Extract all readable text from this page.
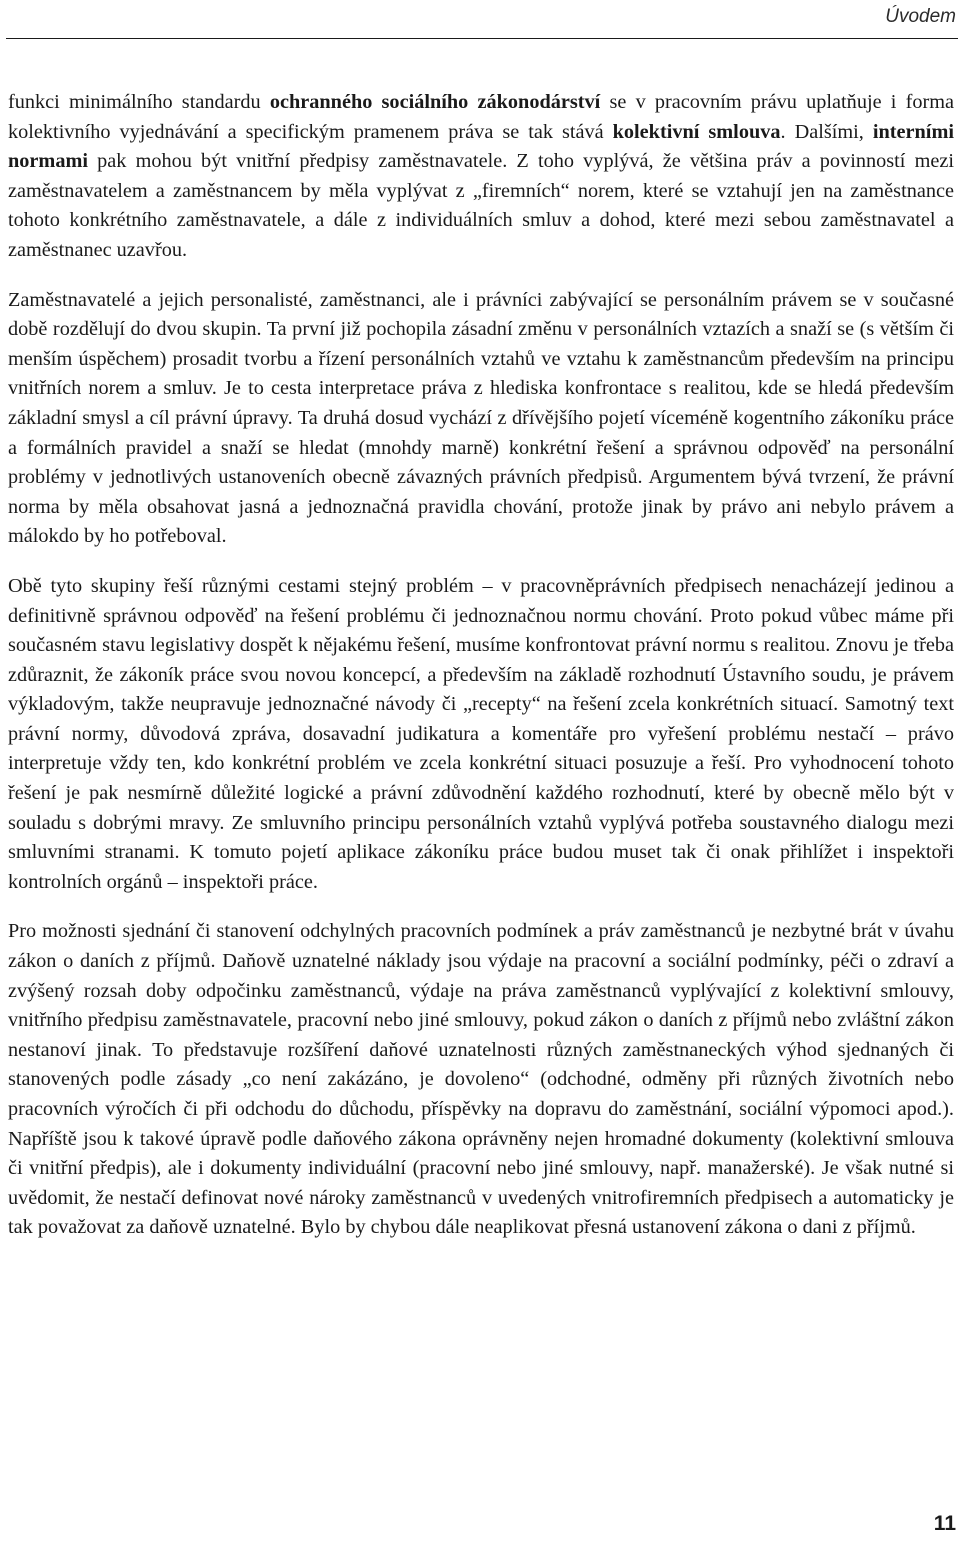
Úvodem

funkci minimálního standardu ochranného sociálního zákonodárství se v pracovním právu uplatňuje i forma kolektivního vyjednávání a specifickým pramenem práva se tak stává kolektivní smlouva. Dalšími, interními normami pak mohou být vnitřní předpisy zaměstnavatele. Z toho vyplývá, že většina práv a povinností mezi zaměstnavatelem a zaměstnancem by měla vyplývat z „firemních“ norem, které se vztahují jen na zaměstnance tohoto konkrétního zaměstnavatele, a dále z individuálních smluv a dohod, které mezi sebou zaměstnavatel a zaměstnanec uzavřou.

Zaměstnavatelé a jejich personalisté, zaměstnanci, ale i právníci zabývající se personálním právem se v současné době rozdělují do dvou skupin. Ta první již pochopila zásadní změnu v personálních vztazích a snaží se (s větším či menším úspěchem) prosadit tvorbu a řízení personálních vztahů ve vztahu k zaměstnancům především na principu vnitřních norem a smluv. Je to cesta interpretace práva z hlediska konfrontace s realitou, kde se hledá především základní smysl a cíl právní úpravy. Ta druhá dosud vychází z dřívějšího pojetí víceméně kogentního zákoníku práce a formálních pravidel a snaží se hledat (mnohdy marně) konkrétní řešení a správnou odpověď na personální problémy v jednotlivých ustanoveních obecně závazných právních předpisů. Argumentem bývá tvrzení, že právní norma by měla obsahovat jasná a jednoznačná pravidla chování, protože jinak by právo ani nebylo právem a málokdo by ho potřeboval.

Obě tyto skupiny řeší různými cestami stejný problém – v pracovněprávních předpisech nenacházejí jedinou a definitivně správnou odpověď na řešení problému či jednoznačnou normu chování. Proto pokud vůbec máme při současném stavu legislativy dospět k nějakému řešení, musíme konfrontovat právní normu s realitou. Znovu je třeba zdůraznit, že zákoník práce svou novou koncepcí, a především na základě rozhodnutí Ústavního soudu, je právem výkladovým, takže neupravuje jednoznačné návody či „recepty“ na řešení zcela konkrétních situací. Samotný text právní normy, důvodová zpráva, dosavadní judikatura a komentáře pro vyřešení problému nestačí – právo interpretuje vždy ten, kdo konkrétní problém ve zcela konkrétní situaci posuzuje a řeší. Pro vyhodnocení tohoto řešení je pak nesmírně důležité logické a právní zdůvodnění každého rozhodnutí, které by obecně mělo být v souladu s dobrými mravy. Ze smluvního principu personálních vztahů vyplývá potřeba soustavného dialogu mezi smluvními stranami. K tomuto pojetí aplikace zákoníku práce budou muset tak či onak přihlížet i inspektoři kontrolních orgánů – inspektoři práce.

Pro možnosti sjednání či stanovení odchylných pracovních podmínek a práv zaměstnanců je nezbytné brát v úvahu zákon o daních z příjmů. Daňově uznatelné náklady jsou výdaje na pracovní a sociální podmínky, péči o zdraví a zvýšený rozsah doby odpočinku zaměstnanců, výdaje na práva zaměstnanců vyplývající z kolektivní smlouvy, vnitřního předpisu zaměstnavatele, pracovní nebo jiné smlouvy, pokud zákon o daních z příjmů nebo zvláštní zákon nestanoví jinak. To představuje rozšíření daňové uznatelnosti různých zaměstnaneckých výhod sjednaných či stanovených podle zásady „co není zakázáno, je dovoleno“ (odchodné, odměny při různých životních nebo pracovních výročích či při odchodu do důchodu, příspěvky na dopravu do zaměstnání, sociální výpomoci apod.). Napříště jsou k takové úpravě podle daňového zákona oprávněny nejen hromadné dokumenty (kolektivní smlouva či vnitřní předpis), ale i dokumenty individuální (pracovní nebo jiné smlouvy, např. manažerské). Je však nutné si uvědomit, že nestačí definovat nové nároky zaměstnanců v uvedených vnitrofiremních předpisech a automaticky je tak považovat za daňově uznatelné. Bylo by chybou dále neaplikovat přesná ustanovení zákona o dani z příjmů.

11
